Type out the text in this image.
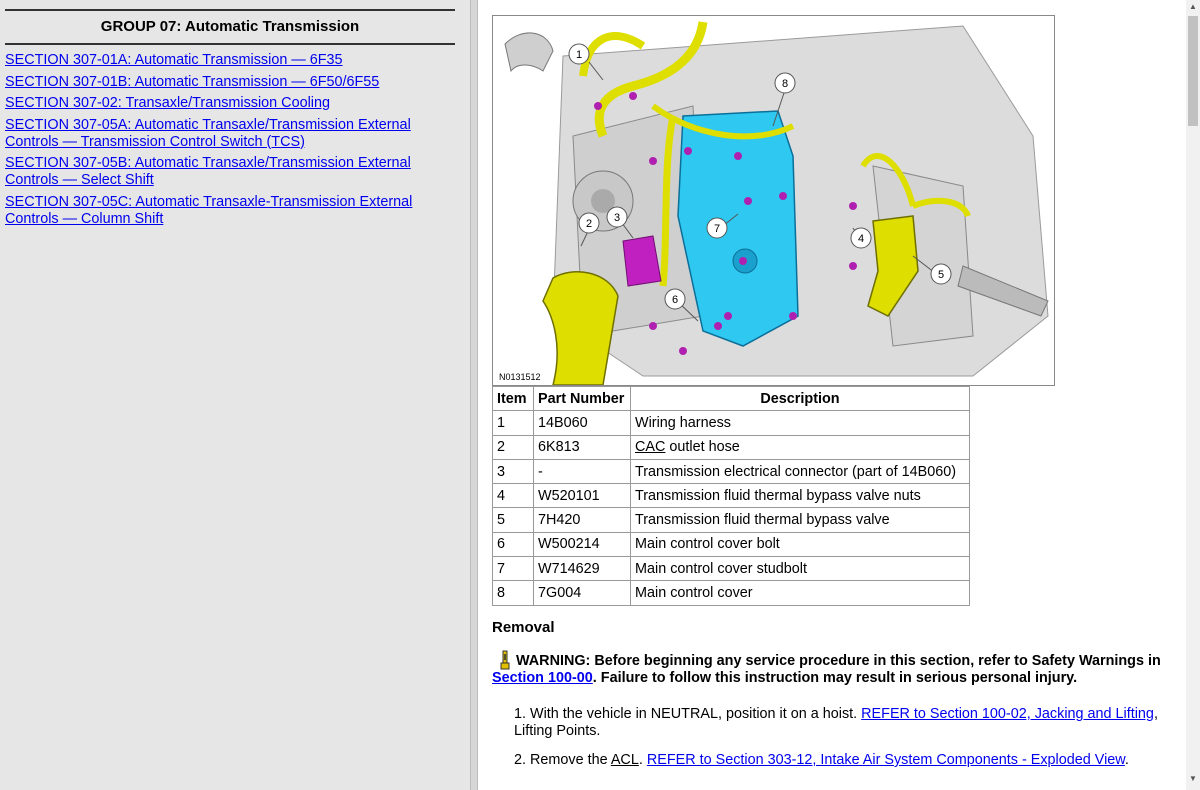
GROUP 07: Automatic Transmission
SECTION 307-01A: Automatic Transmission — 6F35
SECTION 307-01B: Automatic Transmission — 6F50/6F55
SECTION 307-02: Transaxle/Transmission Cooling
SECTION 307-05A: Automatic Transaxle/Transmission External Controls — Transmission Control Switch (TCS)
SECTION 307-05B: Automatic Transaxle/Transmission External Controls — Select Shift
SECTION 307-05C: Automatic Transaxle-Transmission External Controls — Column Shift
1
2 3
4
5
6
7
8
N0131512
Item	Part Number	Description
1	14B060	Wiring harness
2	6K813	CAC outlet hose
3	-	Transmission electrical connector (part of 14B060)
4	W520101	Transmission fluid thermal bypass valve nuts
5	7H420	Transmission fluid thermal bypass valve
6	W500214	Main control cover bolt
7	W714629	Main control cover studbolt
8	7G004	Main control cover
Removal
WARNING: Before beginning any service procedure in this section, refer to Safety Warnings in Section 100-00. Failure to follow this instruction may result in serious personal injury.
1. With the vehicle in NEUTRAL, position it on a hoist. REFER to Section 100-02, Jacking and Lifting, Lifting Points.
2. Remove the ACL. REFER to Section 303-12, Intake Air System Components - Exploded View.
▲
▼
